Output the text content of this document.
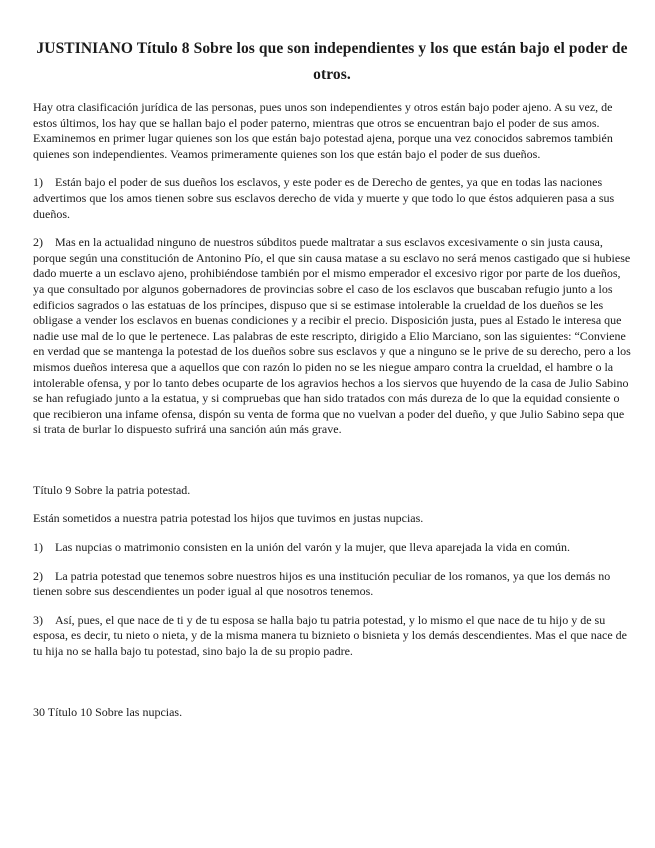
JUSTINIANO Título 8 Sobre los que son independientes y los que están bajo el poder de otros.

Hay otra clasificación jurídica de las personas, pues unos son independientes y otros están bajo poder ajeno. A su vez, de estos últimos, los hay que se hallan bajo el poder paterno, mientras que otros se encuentran bajo el poder de sus amos. Examinemos en primer lugar quienes son los que están bajo potestad ajena, porque una vez conocidos sabremos también quienes son independientes. Veamos primeramente quienes son los que están bajo el poder de sus dueños.

1) Están bajo el poder de sus dueños los esclavos, y este poder es de Derecho de gentes, ya que en todas las naciones advertimos que los amos tienen sobre sus esclavos derecho de vida y muerte y que todo lo que éstos adquieren pasa a sus dueños.

2) Mas en la actualidad ninguno de nuestros súbditos puede maltratar a sus esclavos excesivamente o sin justa causa, porque según una constitución de Antonino Pío, el que sin causa matase a su esclavo no será menos castigado que si hubiese dado muerte a un esclavo ajeno, prohibiéndose también por el mismo emperador el excesivo rigor por parte de los dueños, ya que consultado por algunos gobernadores de provincias sobre el caso de los esclavos que buscaban refugio junto a los edificios sagrados o las estatuas de los príncipes, dispuso que si se estimase intolerable la crueldad de los dueños se les obligase a vender los esclavos en buenas condiciones y a recibir el precio. Disposición justa, pues al Estado le interesa que nadie use mal de lo que le pertenece. Las palabras de este rescripto, dirigido a Elio Marciano, son las siguientes: “Conviene en verdad que se mantenga la potestad de los dueños sobre sus esclavos y que a ninguno se le prive de su derecho, pero a los mismos dueños interesa que a aquellos que con razón lo piden no se les niegue amparo contra la crueldad, el hambre o la intolerable ofensa, y por lo tanto debes ocuparte de los agravios hechos a los siervos que huyendo de la casa de Julio Sabino se han refugiado junto a la estatua, y si compruebas que han sido tratados con más dureza de lo que la equidad consiente o que recibieron una infame ofensa, dispón su venta de forma que no vuelvan a poder del dueño, y que Julio Sabino sepa que si trata de burlar lo dispuesto sufrirá una sanción aún más grave.

Título 9 Sobre la patria potestad.

Están sometidos a nuestra patria potestad los hijos que tuvimos en justas nupcias.

1) Las nupcias o matrimonio consisten en la unión del varón y la mujer, que lleva aparejada la vida en común.

2) La patria potestad que tenemos sobre nuestros hijos es una institución peculiar de los romanos, ya que los demás no tienen sobre sus descendientes un poder igual al que nosotros tenemos.

3) Así, pues, el que nace de ti y de tu esposa se halla bajo tu patria potestad, y lo mismo el que nace de tu hijo y de su esposa, es decir, tu nieto o nieta, y de la misma manera tu biznieto o bisnieta y los demás descendientes. Mas el que nace de tu hija no se halla bajo tu potestad, sino bajo la de su propio padre.

30 Título 10 Sobre las nupcias.
